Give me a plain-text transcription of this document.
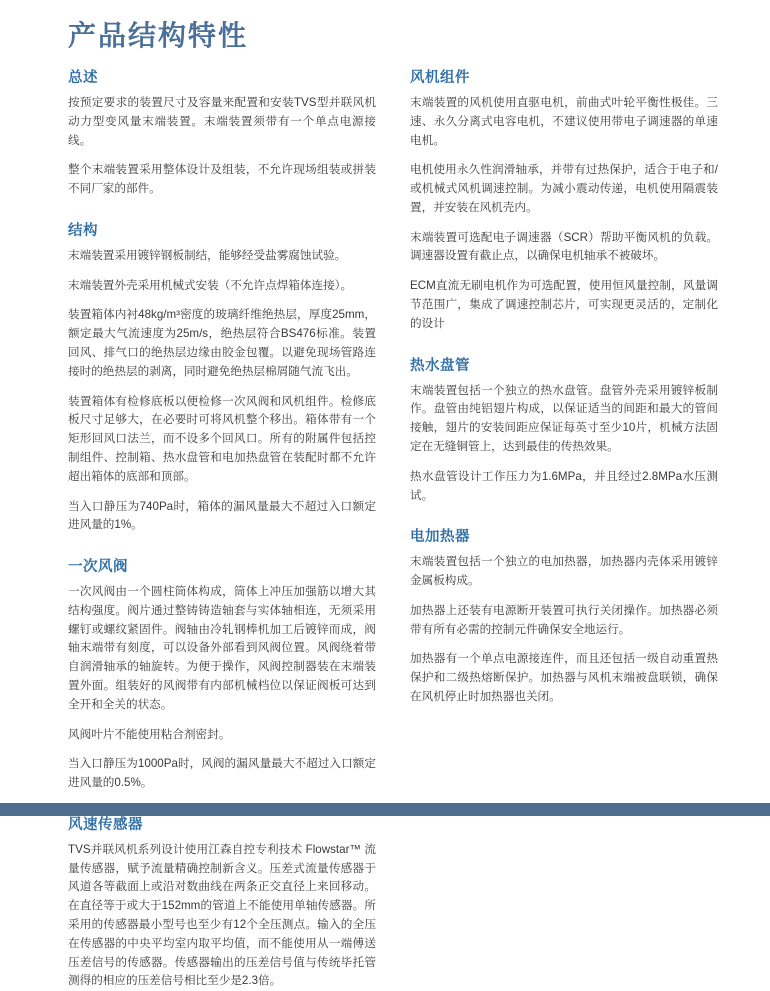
产品结构特性
总述

按预定要求的装置尺寸及容量来配置和安装TVS型并联风机动力型变风量末端装置。末端装置须带有一个单点电源接线。

整个末端装置采用整体设计及组装，不允许现场组装或拼装不同厂家的部件。

结构

末端装置采用镀锌钢板制结，能够经受盐雾腐蚀试验。

末端装置外壳采用机械式安装（不允许点焊箱体连接）。

装置箱体内衬48kg/m³密度的玻璃纤维绝热层，厚度25mm，额定最大气流速度为25m/s，绝热层符合BS476标准。装置回风、排气口的绝热层边缘由胶金包覆。以避免现场管路连接时的绝热层的剥离，同时避免绝热层棉屑随气流飞出。

装置箱体有检修底板以便检修一次风阀和风机组件。检修底板尺寸足够大，在必要时可将风机整个移出。箱体带有一个矩形回风口法兰，而不设多个回风口。所有的附属件包括控制组件、控制箱、热水盘管和电加热盘管在装配时都不允许超出箱体的底部和顶部。

当入口静压为740Pa时，箱体的漏风量最大不超过入口额定进风量的1%。

一次风阀

一次风阀由一个圆柱筒体构成，筒体上冲压加强筋以增大其结构强度。阀片通过整铸铸造轴套与实体轴相连，无须采用螺钉或螺纹紧固件。阀轴由冷轧钢棒机加工后镀锌而成，阀轴末端带有刻度，可以设备外部看到风阀位置。风阀绕着带自润滑轴承的轴旋转。为便于操作，风阀控制器装在末端装置外面。组装好的风阀带有内部机械档位以保证阀板可达到全开和全关的状态。

风阀叶片不能使用粘合剂密封。

当入口静压为1000Pa时，风阀的漏风量最大不超过入口额定进风量的0.5%。

风速传感器

TVS并联风机系列设计使用江森自控专利技术 Flowstar™ 流量传感器，赋予流量精确控制新含义。压差式流量传感器于风道各等截面上或沿对数曲线在两条正交直径上来回移动。在直径等于或大于152mm的管道上不能使用单轴传感器。所采用的传感器最小型号也至少有12个全压测点。输入的全压在传感器的中央平均室内取平均值，而不能使用从一端傅送压差信号的传感器。传感器输出的压差信号值与传统毕托管测得的相应的压差信号相比至少是2.3倍。

风机组件

末端装置的风机使用直驱电机，前曲式叶轮平衡性极佳。三速、永久分离式电容电机，不建议使用带电子调速器的单速电机。

电机使用永久性润滑轴承，并带有过热保护，适合于电子和/或机械式风机调速控制。为减小震动传递，电机使用隔震装置，并安装在风机壳内。

末端装置可选配电子调速器（SCR）帮助平衡风机的负载。调速器设置有截止点，以确保电机轴承不被破坏。

ECM直流无刷电机作为可选配置，使用恒风量控制，风量调节范围广，集成了调速控制芯片，可实现更灵活的，定制化的设计

热水盘管

末端装置包括一个独立的热水盘管。盘管外壳采用镀锌板制作。盘管由纯铝翅片构成，以保证适当的间距和最大的管间接触，翅片的安装间距应保证每英寸至少10片，机械方法固定在无缝铜管上，达到最佳的传热效果。

热水盘管设计工作压力为1.6MPa，并且经过2.8MPa水压测试。

电加热器

末端装置包括一个独立的电加热器，加热器内壳体采用镀锌金属板构成。

加热器上还装有电源断开装置可执行关闭操作。加热器必须带有所有必需的控制元件确保安全地运行。

加热器有一个单点电源接连件，而且还包括一级自动重置热保护和二级热熔断保护。加热器与风机末端被盘联锁，确保在风机停止时加热器也关闭。
